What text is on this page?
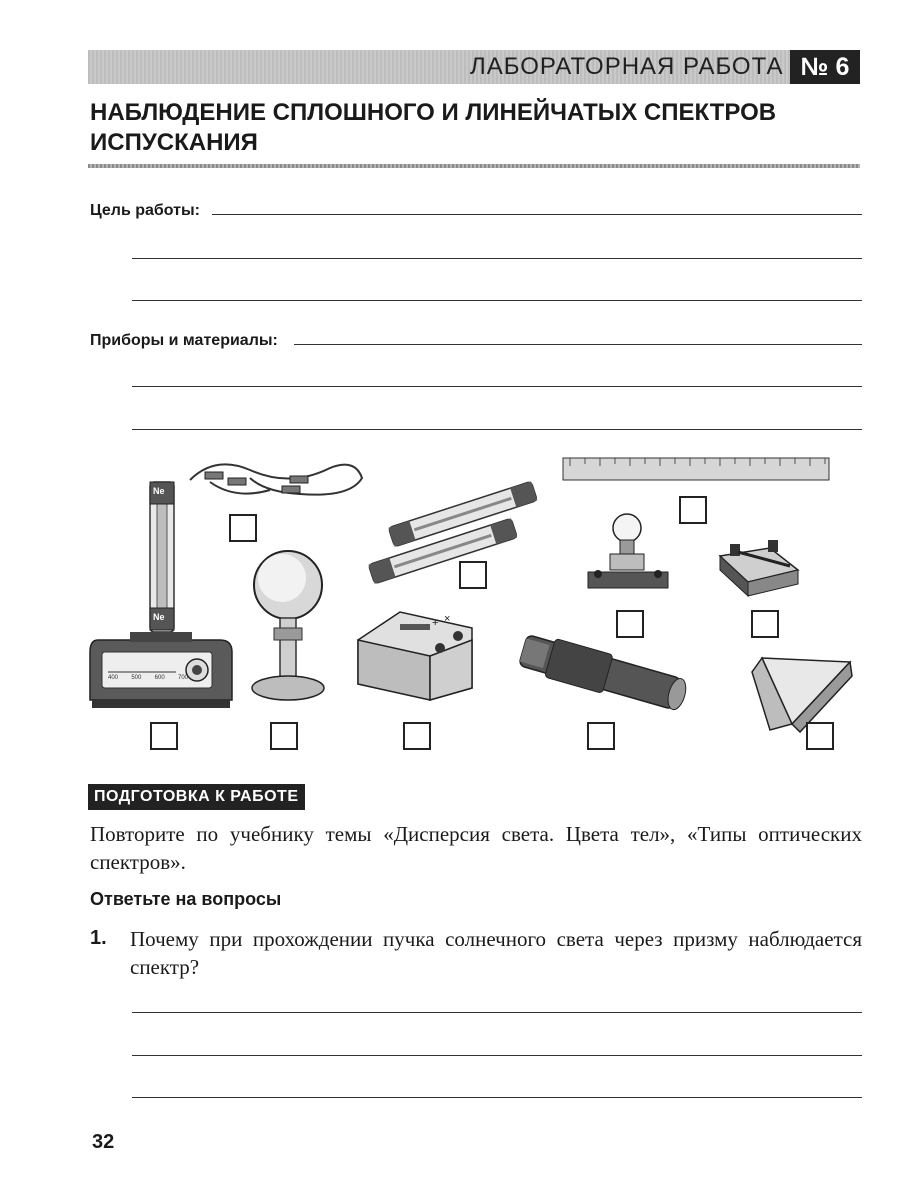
ЛАБОРАТОРНАЯ РАБОТА № 6
НАБЛЮДЕНИЕ СПЛОШНОГО И ЛИНЕЙЧАТЫХ СПЕКТРОВ ИСПУСКАНИЯ
Цель работы:
Приборы и материалы:
Ne
Ne
400 500 600 700
+ ×
ПОДГОТОВКА К РАБОТЕ
Повторите по учебнику темы «Дисперсия света. Цвета тел», «Типы оптических спектров».
Ответьте на вопросы
1. Почему при прохождении пучка солнечного света через призму наблюдается спектр?
32
